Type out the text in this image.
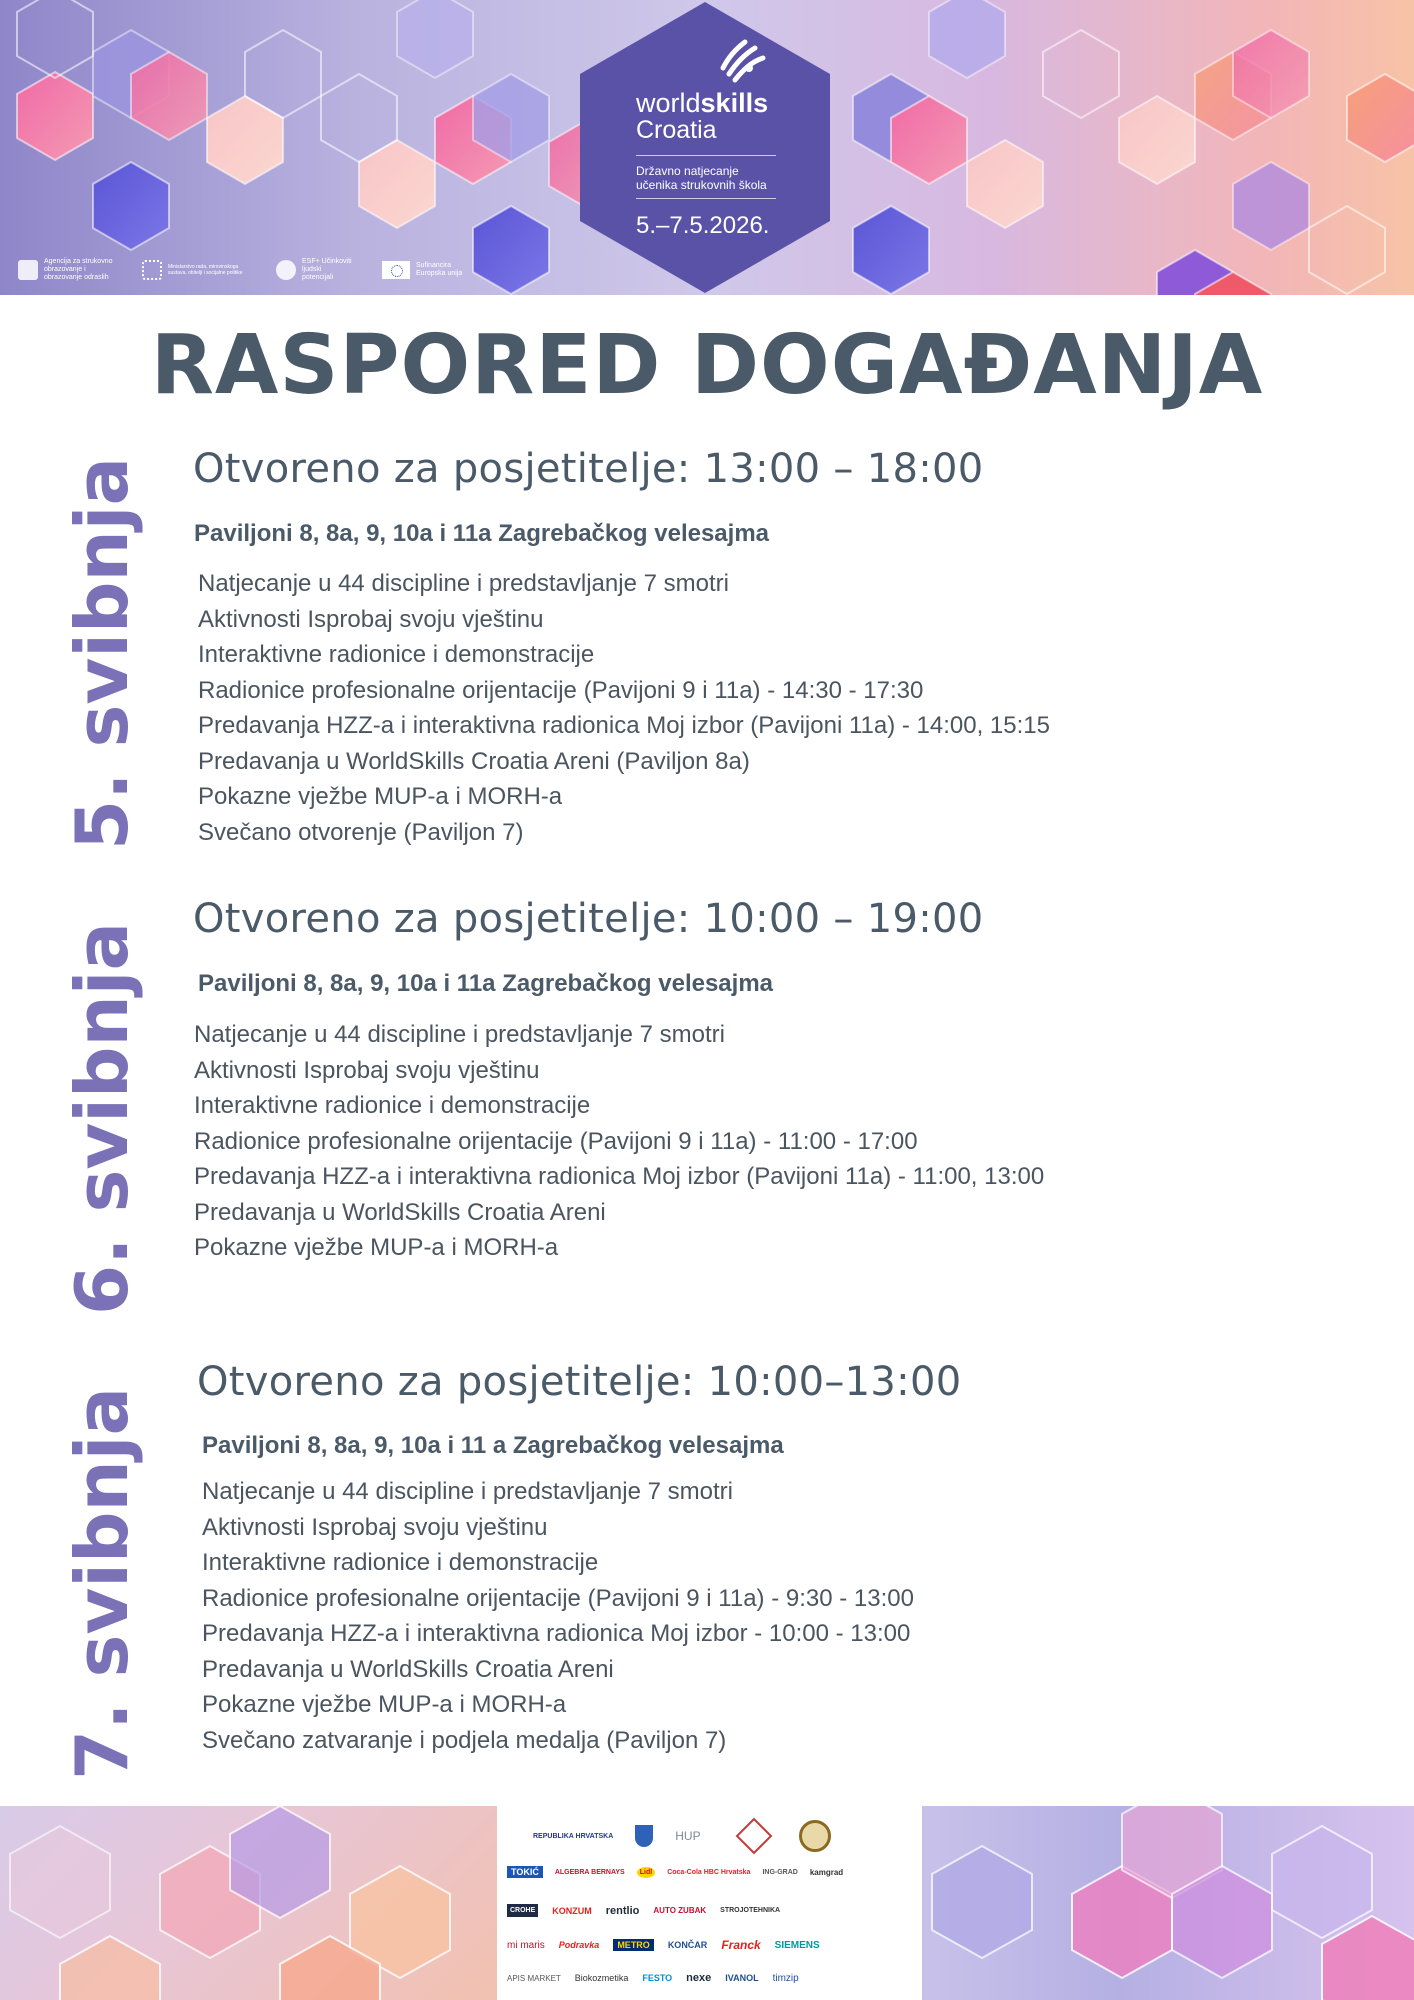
worldskills
Croatia
Državno natjecanje
učenika strukovnih škola
5.–7.5.2026.
Agencija za strukovno obrazovanje i obrazovanje odraslih
Ministarstvo rada, mirovinskoga sustava, obitelji i socijalne politike
ESF+ Učinkoviti ljudski potencijali
Sufinancira Europska unija
RASPORED DOGAĐANJA
5. svibnja Otvoreno za posjetitelje: 13:00 – 18:00
Paviljoni 8, 8a, 9, 10a i 11a Zagrebačkog velesajma
Natjecanje u 44 discipline i predstavljanje 7 smotri
Aktivnosti Isprobaj svoju vještinu
Interaktivne radionice i demonstracije
Radionice profesionalne orijentacije (Pavijoni 9 i 11a) - 14:30 - 17:30
Predavanja HZZ-a i interaktivna radionica Moj izbor (Pavijoni 11a) - 14:00, 15:15
Predavanja u WorldSkills Croatia Areni (Paviljon 8a)
Pokazne vježbe MUP-a i MORH-a
Svečano otvorenje (Paviljon 7)
6. svibnja
Otvoreno za posjetitelje: 10:00 – 19:00
Paviljoni 8, 8a, 9, 10a i 11a Zagrebačkog velesajma
Natjecanje u 44 discipline i predstavljanje 7 smotri
Aktivnosti Isprobaj svoju vještinu
Interaktivne radionice i demonstracije
Radionice profesionalne orijentacije (Pavijoni 9 i 11a) - 11:00 - 17:00
Predavanja HZZ-a i interaktivna radionica Moj izbor (Pavijoni 11a) - 11:00, 13:00
Predavanja u WorldSkills Croatia Areni
Pokazne vježbe MUP-a i MORH-a
7. svibnja
Otvoreno za posjetitelje: 10:00–13:00
Paviljoni 8, 8a, 9, 10a i 11 a Zagrebačkog velesajma
Natjecanje u 44 discipline i predstavljanje 7 smotri
Aktivnosti Isprobaj svoju vještinu
Interaktivne radionice i demonstracije
Radionice profesionalne orijentacije (Pavijoni 9 i 11a) - 9:30 - 13:00
Predavanja HZZ-a i interaktivna radionica Moj izbor - 10:00 - 13:00
Predavanja u WorldSkills Croatia Areni
Pokazne vježbe MUP-a i MORH-a
Svečano zatvaranje i podjela medalja (Paviljon 7)
REPUBLIKA HRVATSKA	HUP
TOKIĆ	ALGEBRA BERNAYS	Lidl	Coca-Cola HBC Hrvatska ING-GRAD kamgrad
CROHE	KONZUM rentlio AUTO ZUBAK STROJOTEHNIKA
mi maris Podravka	METRO	KONČAR Franck SIEMENS
APIS MARKET Biokozmetika FESTO nexe IVANOL timzip
